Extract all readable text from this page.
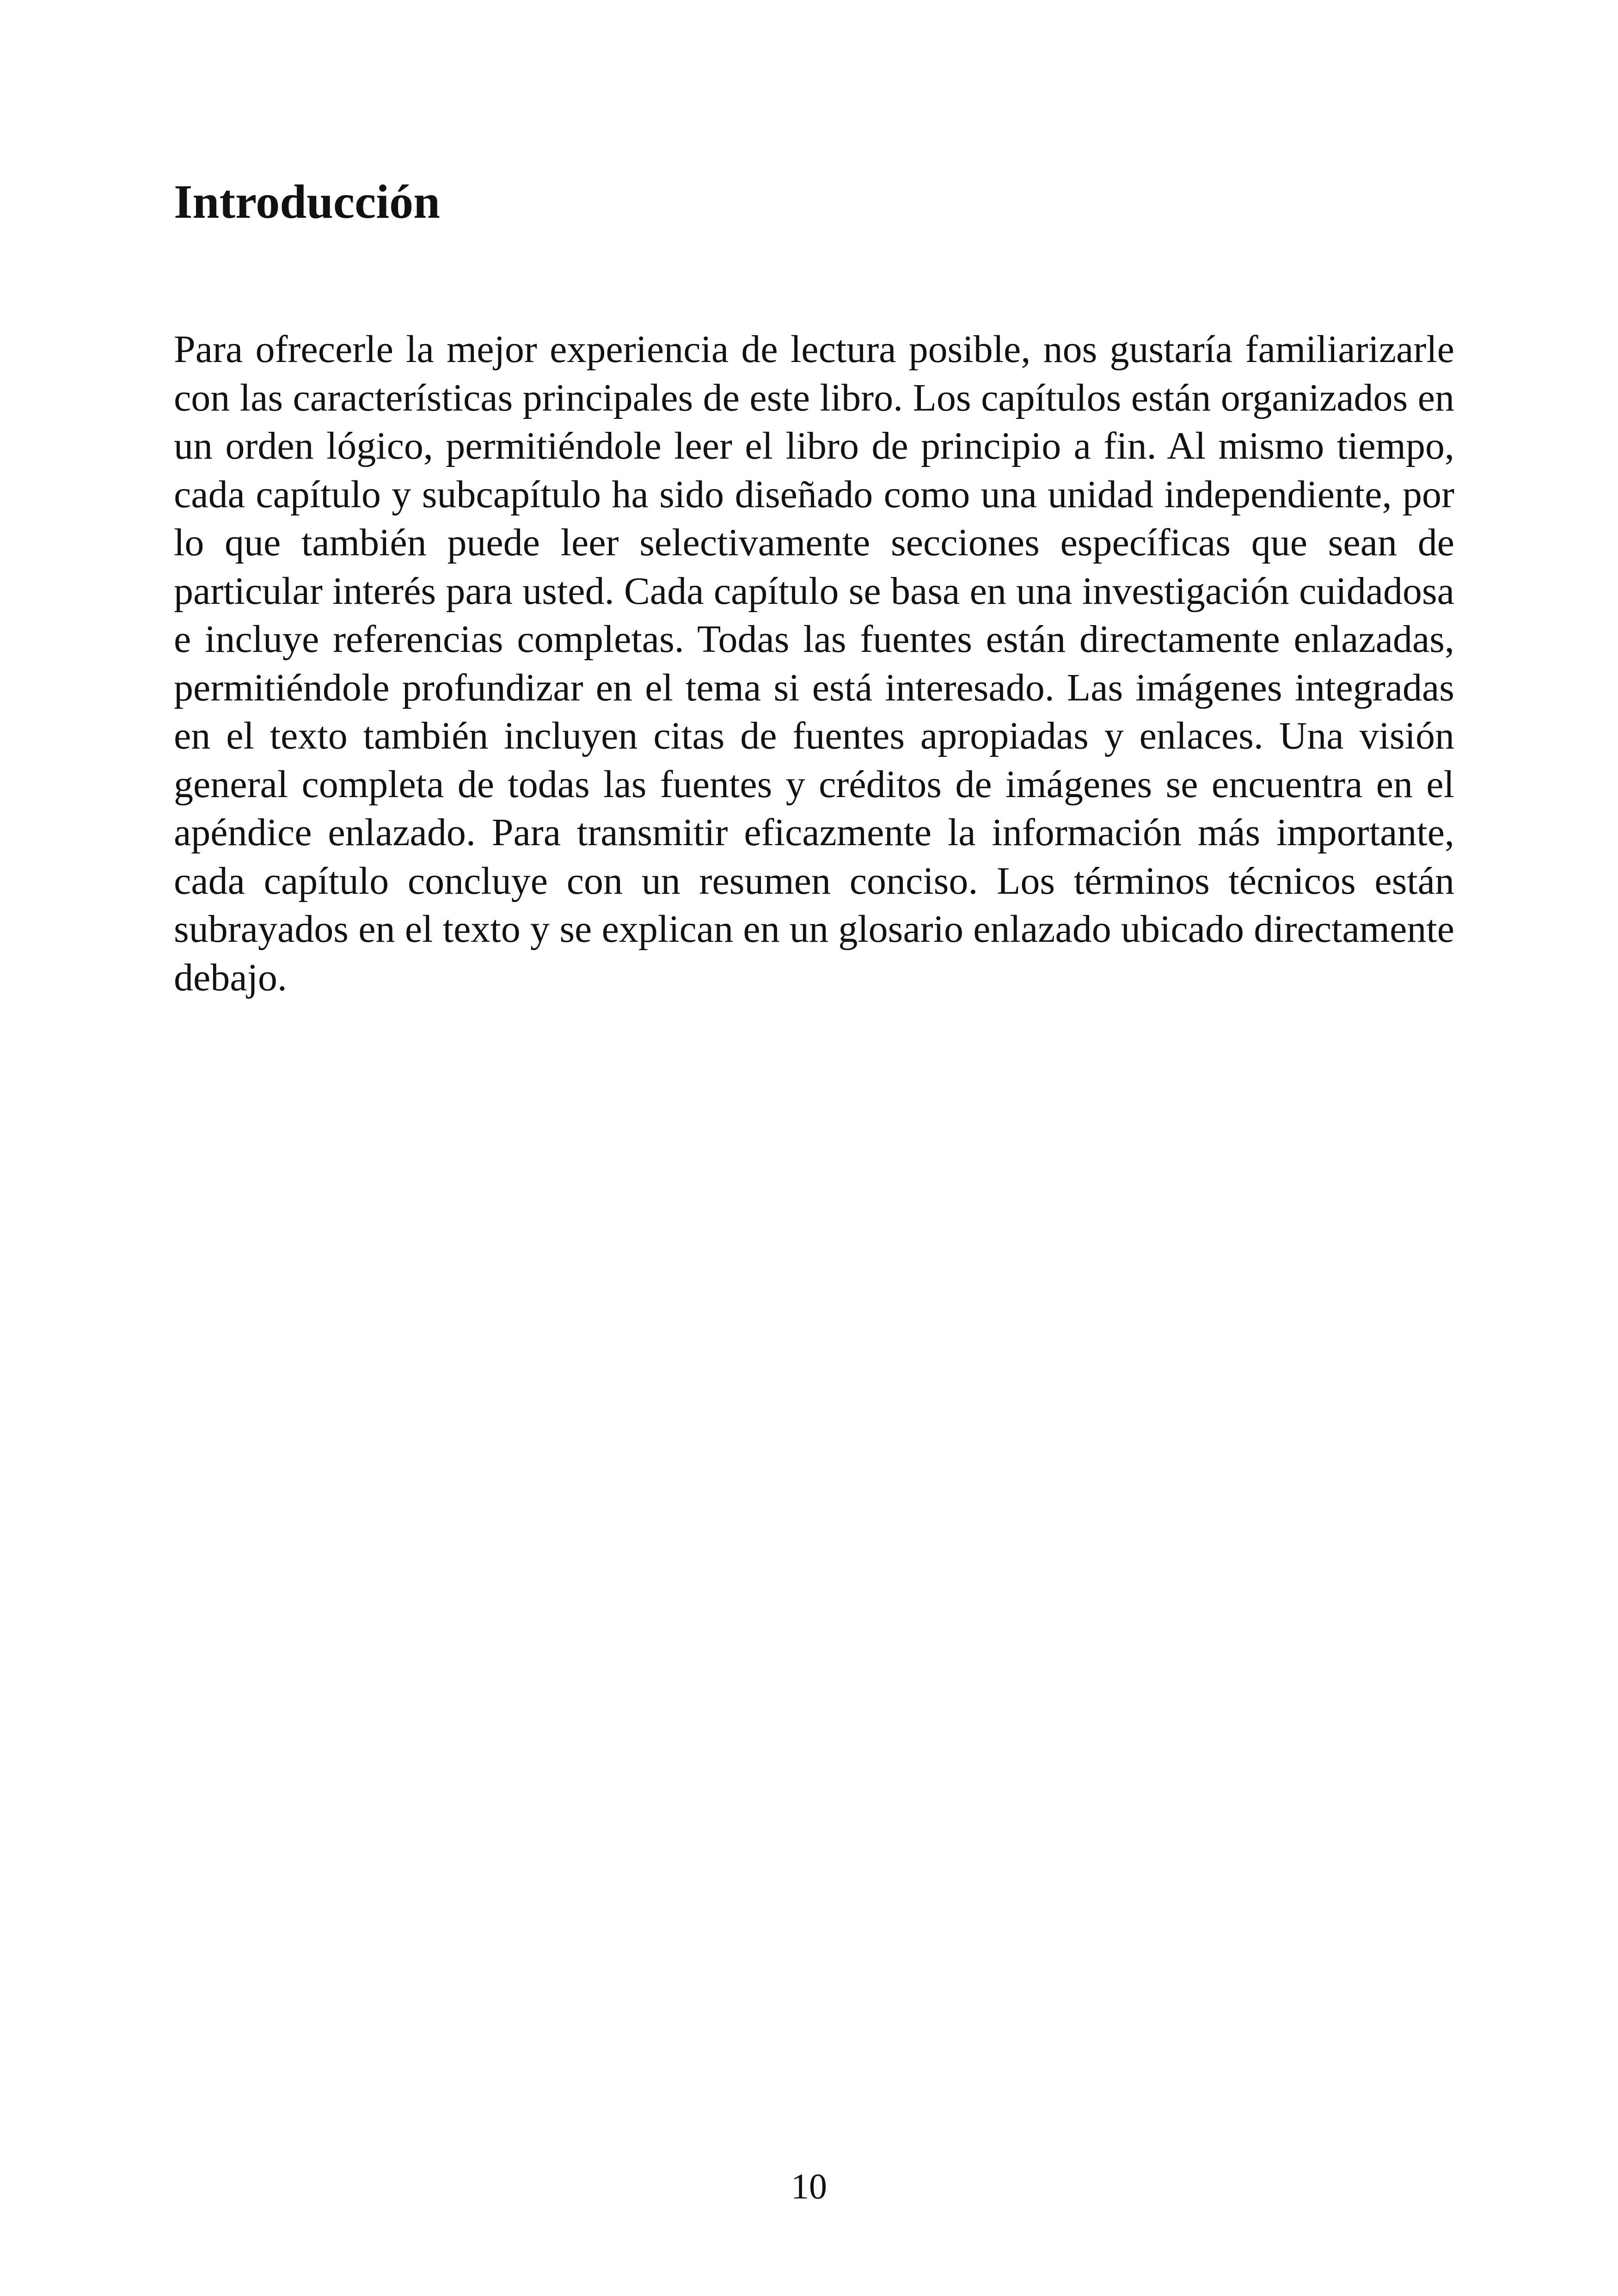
Introducción

Para ofrecerle la mejor experiencia de lectura posible, nos gustaría familiarizarle con las características principales de este libro. Los capítulos están organizados en un orden lógico, permitiéndole leer el libro de principio a fin. Al mismo tiempo, cada capítulo y subcapítulo ha sido diseñado como una unidad independiente, por lo que también puede leer selectivamente secciones específicas que sean de particular interés para usted. Cada capítulo se basa en una investigación cuidadosa e incluye referencias completas. Todas las fuentes están directamente enlazadas, permitiéndole profundizar en el tema si está interesado. Las imágenes integradas en el texto también incluyen citas de fuentes apropiadas y enlaces. Una visión general completa de todas las fuentes y créditos de imágenes se encuentra en el apéndice enlazado. Para transmitir eficazmente la información más importante, cada capítulo concluye con un resumen conciso. Los términos técnicos están subrayados en el texto y se explican en un glosario enlazado ubicado directamente debajo.

10
